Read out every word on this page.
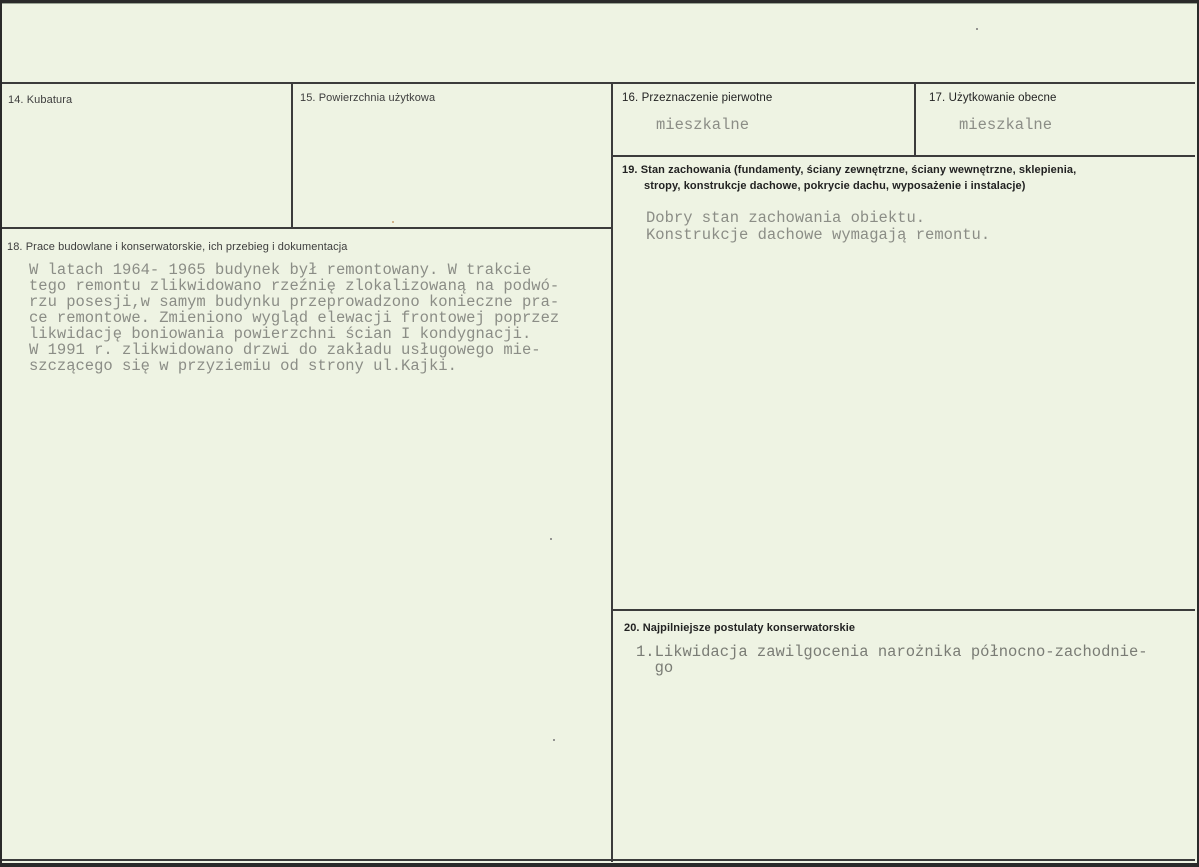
14. Kubatura	15. Powierzchnia użytkowa	16. Przeznaczenie pierwotne
mieszkalne
17. Użytkowanie obecne
mieszkalne
18. Prace budowlane i konserwatorskie, ich przebieg i dokumentacja
W latach 1964- 1965 budynek był remontowany. W trakcie
tego remontu zlikwidowano rzeźnię zlokalizowaną na podwó-
rzu posesji,w samym budynku przeprowadzono konieczne pra-
ce remontowe. Zmieniono wygląd elewacji frontowej poprzez
likwidację boniowania powierzchni ścian I kondygnacji.
W 1991 r. zlikwidowano drzwi do zakładu usługowego mie-
szczącego się w przyziemiu od strony ul.Kajki.
19. Stan zachowania (fundamenty, ściany zewnętrzne, ściany wewnętrzne, sklepienia,
stropy, konstrukcje dachowe, pokrycie dachu, wyposażenie i instalacje)
Dobry stan zachowania obiektu.
Konstrukcje dachowe wymagają remontu.
20. Najpilniejsze postulaty konserwatorskie
1.Likwidacja zawilgocenia narożnika północno-zachodnie-
go
